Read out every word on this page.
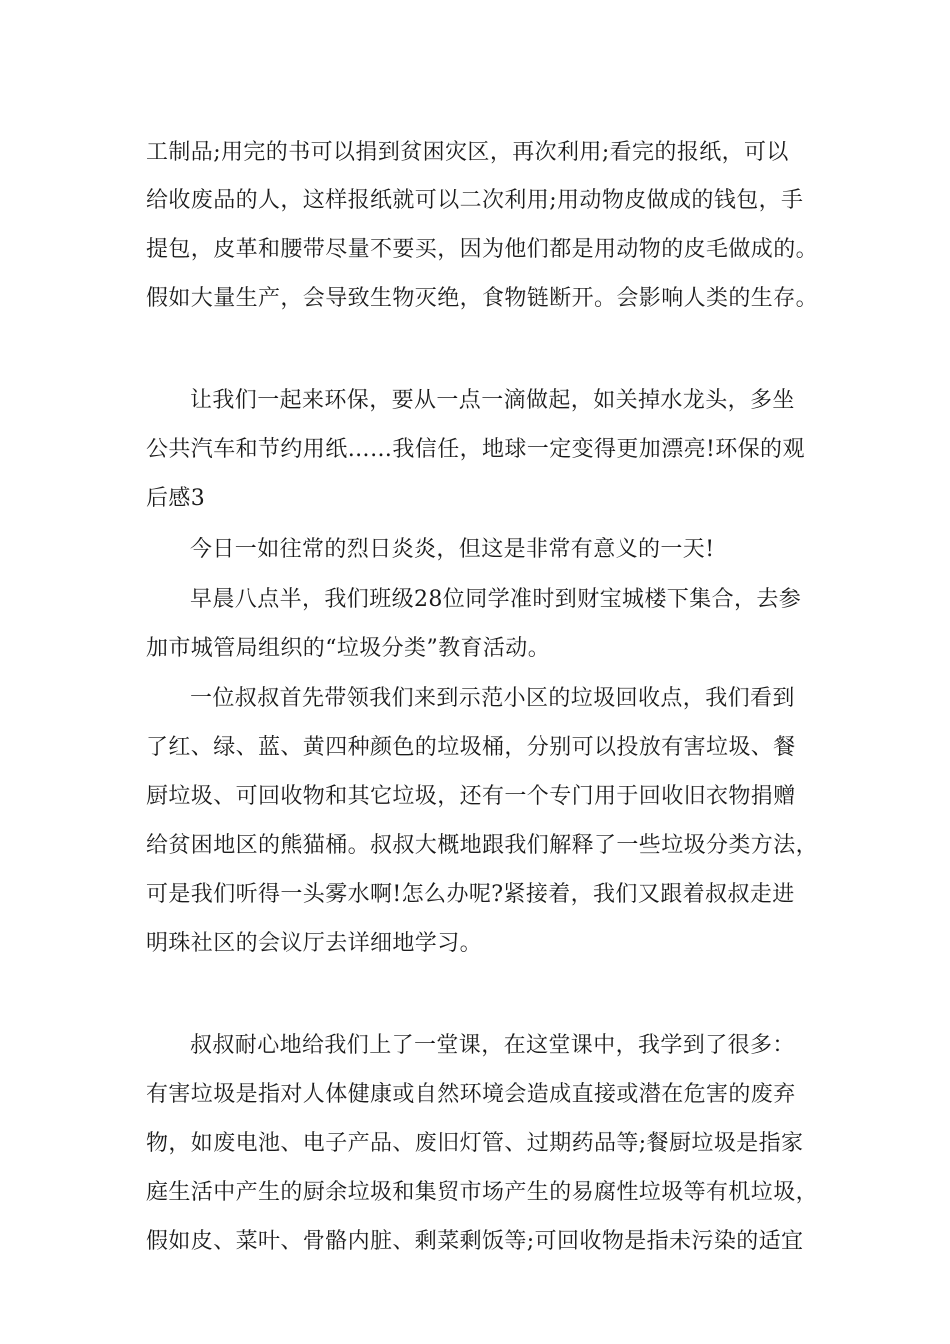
工制品;用完的书可以捐到贫困灾区，再次利用;看完的报纸，可以
给收废品的人，这样报纸就可以二次利用;用动物皮做成的钱包，手
提包，皮革和腰带尽量不要买，因为他们都是用动物的皮毛做成的。
假如大量生产，会导致生物灭绝，食物链断开。会影响人类的生存。
让我们一起来环保，要从一点一滴做起，如关掉水龙头，多坐
公共汽车和节约用纸……我信任，地球一定变得更加漂亮!环保的观
后感3
今日一如往常的烈日炎炎，但这是非常有意义的一天!
早晨八点半，我们班级28位同学准时到财宝城楼下集合，去参
加市城管局组织的“垃圾分类”教育活动。
一位叔叔首先带领我们来到示范小区的垃圾回收点，我们看到
了红、绿、蓝、黄四种颜色的垃圾桶，分别可以投放有害垃圾、餐
厨垃圾、可回收物和其它垃圾，还有一个专门用于回收旧衣物捐赠
给贫困地区的熊猫桶。叔叔大概地跟我们解释了一些垃圾分类方法，
可是我们听得一头雾水啊!怎么办呢?紧接着，我们又跟着叔叔走进
明珠社区的会议厅去详细地学习。
叔叔耐心地给我们上了一堂课，在这堂课中，我学到了很多：
有害垃圾是指对人体健康或自然环境会造成直接或潜在危害的废弃
物，如废电池、电子产品、废旧灯管、过期药品等;餐厨垃圾是指家
庭生活中产生的厨余垃圾和集贸市场产生的易腐性垃圾等有机垃圾，
假如皮、菜叶、骨骼内脏、剩菜剩饭等;可回收物是指未污染的适宜
